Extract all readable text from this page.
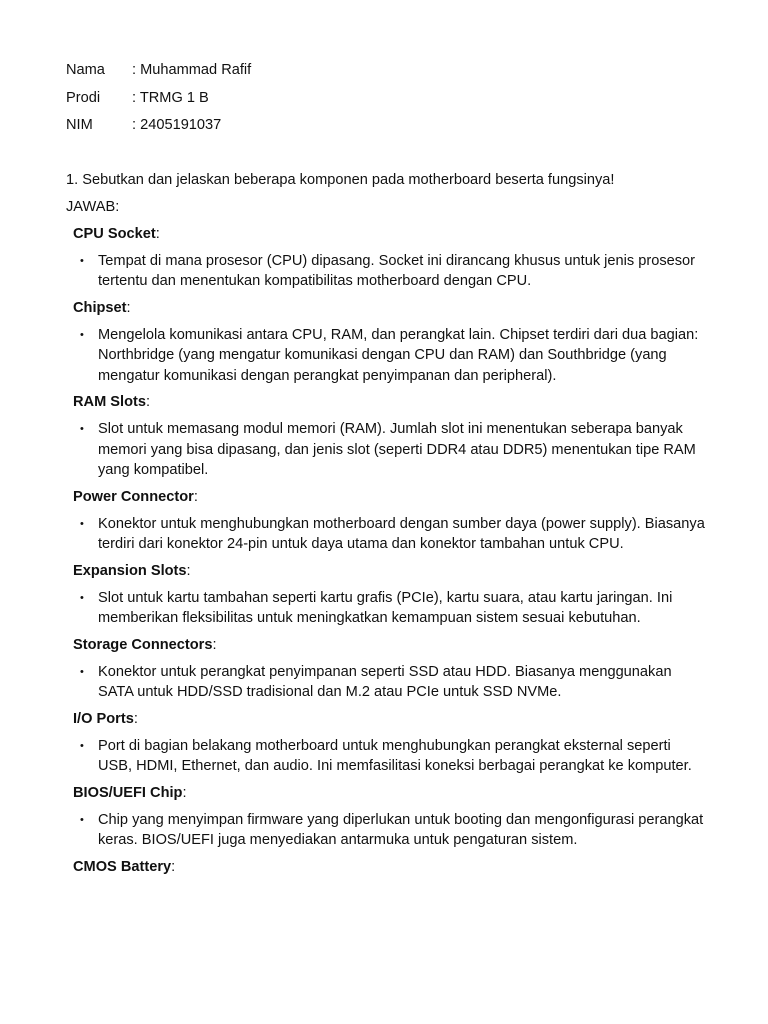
Nama	: Muhammad Rafif
Prodi	: TRMG 1 B
NIM	: 2405191037
1. Sebutkan dan jelaskan beberapa komponen pada motherboard beserta fungsinya!
JAWAB:
CPU Socket:
• Tempat di mana prosesor (CPU) dipasang. Socket ini dirancang khusus untuk jenis prosesor tertentu dan menentukan kompatibilitas motherboard dengan CPU.
Chipset:
• Mengelola komunikasi antara CPU, RAM, dan perangkat lain. Chipset terdiri dari dua bagian: Northbridge (yang mengatur komunikasi dengan CPU dan RAM) dan Southbridge (yang mengatur komunikasi dengan perangkat penyimpanan dan peripheral).
RAM Slots:
• Slot untuk memasang modul memori (RAM). Jumlah slot ini menentukan seberapa banyak memori yang bisa dipasang, dan jenis slot (seperti DDR4 atau DDR5) menentukan tipe RAM yang kompatibel.
Power Connector:
• Konektor untuk menghubungkan motherboard dengan sumber daya (power supply). Biasanya terdiri dari konektor 24-pin untuk daya utama dan konektor tambahan untuk CPU.
Expansion Slots:
• Slot untuk kartu tambahan seperti kartu grafis (PCIe), kartu suara, atau kartu jaringan. Ini memberikan fleksibilitas untuk meningkatkan kemampuan sistem sesuai kebutuhan.
Storage Connectors:
• Konektor untuk perangkat penyimpanan seperti SSD atau HDD. Biasanya menggunakan SATA untuk HDD/SSD tradisional dan M.2 atau PCIe untuk SSD NVMe.
I/O Ports:
• Port di bagian belakang motherboard untuk menghubungkan perangkat eksternal seperti USB, HDMI, Ethernet, dan audio. Ini memfasilitasi koneksi berbagai perangkat ke komputer.
BIOS/UEFI Chip:
• Chip yang menyimpan firmware yang diperlukan untuk booting dan mengonfigurasi perangkat keras. BIOS/UEFI juga menyediakan antarmuka untuk pengaturan sistem.
CMOS Battery:
